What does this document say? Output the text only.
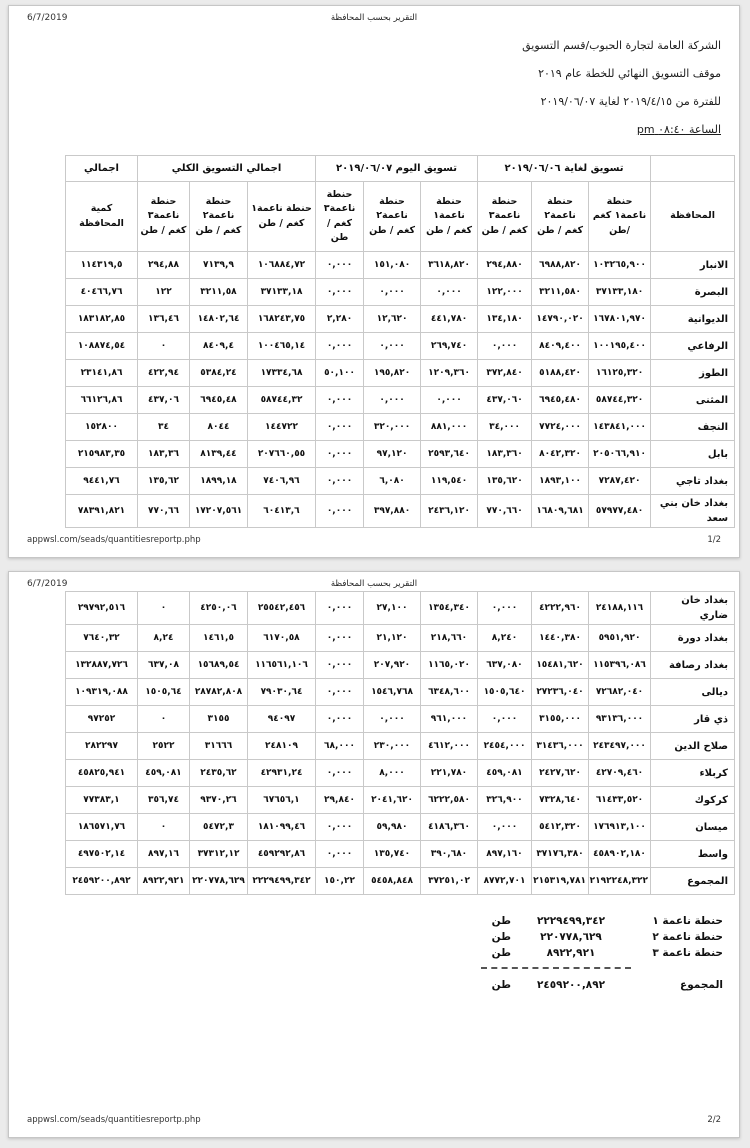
6/7/2019	التقرير بحسب المحافظة
الشركة العامة لتجارة الحبوب/قسم التسويق
موقف التسويق النهائي للخطة عام ٢٠١٩
للفترة من ٢٠١٩/٤/١٥ لغاية ٢٠١٩/٠٦/٠٧
الساعة ٠٨:٤٠ pm
	تسويق لغاية ٢٠١٩/٠٦/٠٦			تسويق اليوم ٢٠١٩/٠٦/٠٧			اجمالي التسويق الكلي			اجمالي
المحافظة	حنطة ناعمة١ كغم /طن	حنطة ناعمة٢ كغم / طن	حنطة ناعمة٣ كغم / طن	حنطة ناعمة١ كغم / طن	حنطة ناعمة٢ كغم / طن	حنطة ناعمة٣ كغم / طن	حنطة ناعمة١ كغم / طن	حنطة ناعمة٢ كغم / طن	حنطة ناعمة٣ كغم / طن	كمية المحافظة
الانبار	١٠٣٢٦٥,٩٠٠	٦٩٨٨,٨٢٠	٢٩٤,٨٨٠	٣٦١٨,٨٢٠	١٥١,٠٨٠	٠,٠٠٠	١٠٦٨٨٤,٧٢	٧١٣٩,٩	٢٩٤,٨٨	١١٤٣١٩,٥
البصرة	٣٧١٣٣,١٨٠	٣٢١١,٥٨٠	١٢٢,٠٠٠	٠,٠٠٠	٠,٠٠٠	٠,٠٠٠	٣٧١٣٣,١٨	٣٢١١,٥٨	١٢٢	٤٠٤٦٦,٧٦
الديوانية	١٦٧٨٠١,٩٧٠	١٤٧٩٠,٠٢٠	١٣٤,١٨٠	٤٤١,٧٨٠	١٢,٦٢٠	٢,٢٨٠	١٦٨٢٤٣,٧٥	١٤٨٠٢,٦٤	١٣٦,٤٦	١٨٣١٨٢,٨٥
الرفاعي	١٠٠١٩٥,٤٠٠	٨٤٠٩,٤٠٠	٠,٠٠٠	٢٦٩,٧٤٠	٠,٠٠٠	٠,٠٠٠	١٠٠٤٦٥,١٤	٨٤٠٩,٤	٠	١٠٨٨٧٤,٥٤
الطوز	١٦١٢٥,٣٢٠	٥١٨٨,٤٢٠	٣٧٢,٨٤٠	١٢٠٩,٣٦٠	١٩٥,٨٢٠	٥٠,١٠٠	١٧٣٣٤,٦٨	٥٣٨٤,٢٤	٤٢٢,٩٤	٢٣١٤١,٨٦
المثنى	٥٨٧٤٤,٣٢٠	٦٩٤٥,٤٨٠	٤٣٧,٠٦٠	٠,٠٠٠	٠,٠٠٠	٠,٠٠٠	٥٨٧٤٤,٣٢	٦٩٤٥,٤٨	٤٣٧,٠٦	٦٦١٢٦,٨٦
النجف	١٤٣٨٤١,٠٠٠	٧٧٢٤,٠٠٠	٣٤,٠٠٠	٨٨١,٠٠٠	٣٢٠,٠٠٠	٠,٠٠٠	١٤٤٧٢٢	٨٠٤٤	٣٤	١٥٢٨٠٠
بابل	٢٠٥٠٦٦,٩١٠	٨٠٤٢,٣٢٠	١٨٣,٣٦٠	٢٥٩٣,٦٤٠	٩٧,١٢٠	٠,٠٠٠	٢٠٧٦٦٠,٥٥	٨١٣٩,٤٤	١٨٣,٣٦	٢١٥٩٨٣,٣٥
بغداد تاجي	٧٢٨٧,٤٢٠	١٨٩٣,١٠٠	١٣٥,٦٢٠	١١٩,٥٤٠	٦,٠٨٠	٠,٠٠٠	٧٤٠٦,٩٦	١٨٩٩,١٨	١٣٥,٦٢	٩٤٤١,٧٦
بغداد خان بني سعد	٥٧٩٧٧,٤٨٠	١٦٨٠٩,٦٨١	٧٧٠,٦٦٠	٢٤٣٦,١٢٠	٣٩٧,٨٨٠	٠,٠٠٠	٦٠٤١٣,٦	١٧٢٠٧,٥٦١	٧٧٠,٦٦	٧٨٣٩١,٨٢١
appwsl.com/seads/quantitiesreportp.php	1/2
6/7/2019	التقرير بحسب المحافظة
بغداد خان ضاري	٢٤١٨٨,١١٦	٤٢٢٢,٩٦٠	٠,٠٠٠	١٣٥٤,٣٤٠	٢٧,١٠٠	٠,٠٠٠	٢٥٥٤٢,٤٥٦	٤٢٥٠,٠٦	٠	٢٩٧٩٢,٥١٦
بغداد دورة	٥٩٥١,٩٢٠	١٤٤٠,٣٨٠	٨,٢٤٠	٢١٨,٦٦٠	٢١,١٢٠	٠,٠٠٠	٦١٧٠,٥٨	١٤٦١,٥	٨,٢٤	٧٦٤٠,٣٢
بغداد رصافة	١١٥٣٩٦,٠٨٦	١٥٤٨١,٦٢٠	٦٣٧,٠٨٠	١١٦٥,٠٢٠	٢٠٧,٩٢٠	٠,٠٠٠	١١٦٥٦١,١٠٦	١٥٦٨٩,٥٤	٦٣٧,٠٨	١٣٢٨٨٧,٧٢٦
ديالى	٧٢٦٨٢,٠٤٠	٢٧٢٣٦,٠٤٠	١٥٠٥,٦٤٠	٦٣٤٨,٦٠٠	١٥٤٦,٧٦٨	٠,٠٠٠	٧٩٠٣٠,٦٤	٢٨٧٨٢,٨٠٨	١٥٠٥,٦٤	١٠٩٣١٩,٠٨٨
ذي قار	٩٣١٣٦,٠٠٠	٣١٥٥,٠٠٠	٠,٠٠٠	٩٦١,٠٠٠	٠,٠٠٠	٠,٠٠٠	٩٤٠٩٧	٣١٥٥	٠	٩٧٢٥٢
صلاح الدين	٢٤٣٤٩٧,٠٠٠	٣١٤٣٦,٠٠٠	٢٤٥٤,٠٠٠	٤٦١٢,٠٠٠	٢٣٠,٠٠٠	٦٨,٠٠٠	٢٤٨١٠٩	٣١٦٦٦	٢٥٢٢	٢٨٢٢٩٧
كربلاء	٤٢٧٠٩,٤٦٠	٢٤٢٧,٦٢٠	٤٥٩,٠٨١	٢٢١,٧٨٠	٨,٠٠٠	٠,٠٠٠	٤٢٩٣١,٢٤	٢٤٣٥,٦٢	٤٥٩,٠٨١	٤٥٨٢٥,٩٤١
كركوك	٦١٤٣٣,٥٢٠	٧٣٢٨,٦٤٠	٣٢٦,٩٠٠	٦٢٢٢,٥٨٠	٢٠٤١,٦٢٠	٢٩,٨٤٠	٦٧٦٥٦,١	٩٣٧٠,٢٦	٣٥٦,٧٤	٧٧٣٨٣,١
ميسان	١٧٦٩١٣,١٠٠	٥٤١٢,٣٢٠	٠,٠٠٠	٤١٨٦,٣٦٠	٥٩,٩٨٠	٠,٠٠٠	١٨١٠٩٩,٤٦	٥٤٧٢,٣	٠	١٨٦٥٧١,٧٦
واسط	٤٥٨٩٠٢,١٨٠	٣٧١٧٦,٣٨٠	٨٩٧,١٦٠	٣٩٠,٦٨٠	١٣٥,٧٤٠	٠,٠٠٠	٤٥٩٢٩٢,٨٦	٣٧٣١٢,١٢	٨٩٧,١٦	٤٩٧٥٠٢,١٤
المجموع	٢١٩٢٢٤٨,٣٢٢	٢١٥٣١٩,٧٨١	٨٧٧٢,٧٠١	٣٧٢٥١,٠٢	٥٤٥٨,٨٤٨	١٥٠,٢٢	٢٢٢٩٤٩٩,٣٤٢	٢٢٠٧٧٨,٦٢٩	٨٩٢٢,٩٢١	٢٤٥٩٢٠٠,٨٩٢
حنطة ناعمة ١
٢٢٢٩٤٩٩,٣٤٢
طن
حنطة ناعمة ٢
٢٢٠٧٧٨,٦٢٩
طن
حنطة ناعمة ٣
٨٩٢٢,٩٢١
طن
المجموع
٢٤٥٩٢٠٠,٨٩٢
طن
appwsl.com/seads/quantitiesreportp.php	2/2
